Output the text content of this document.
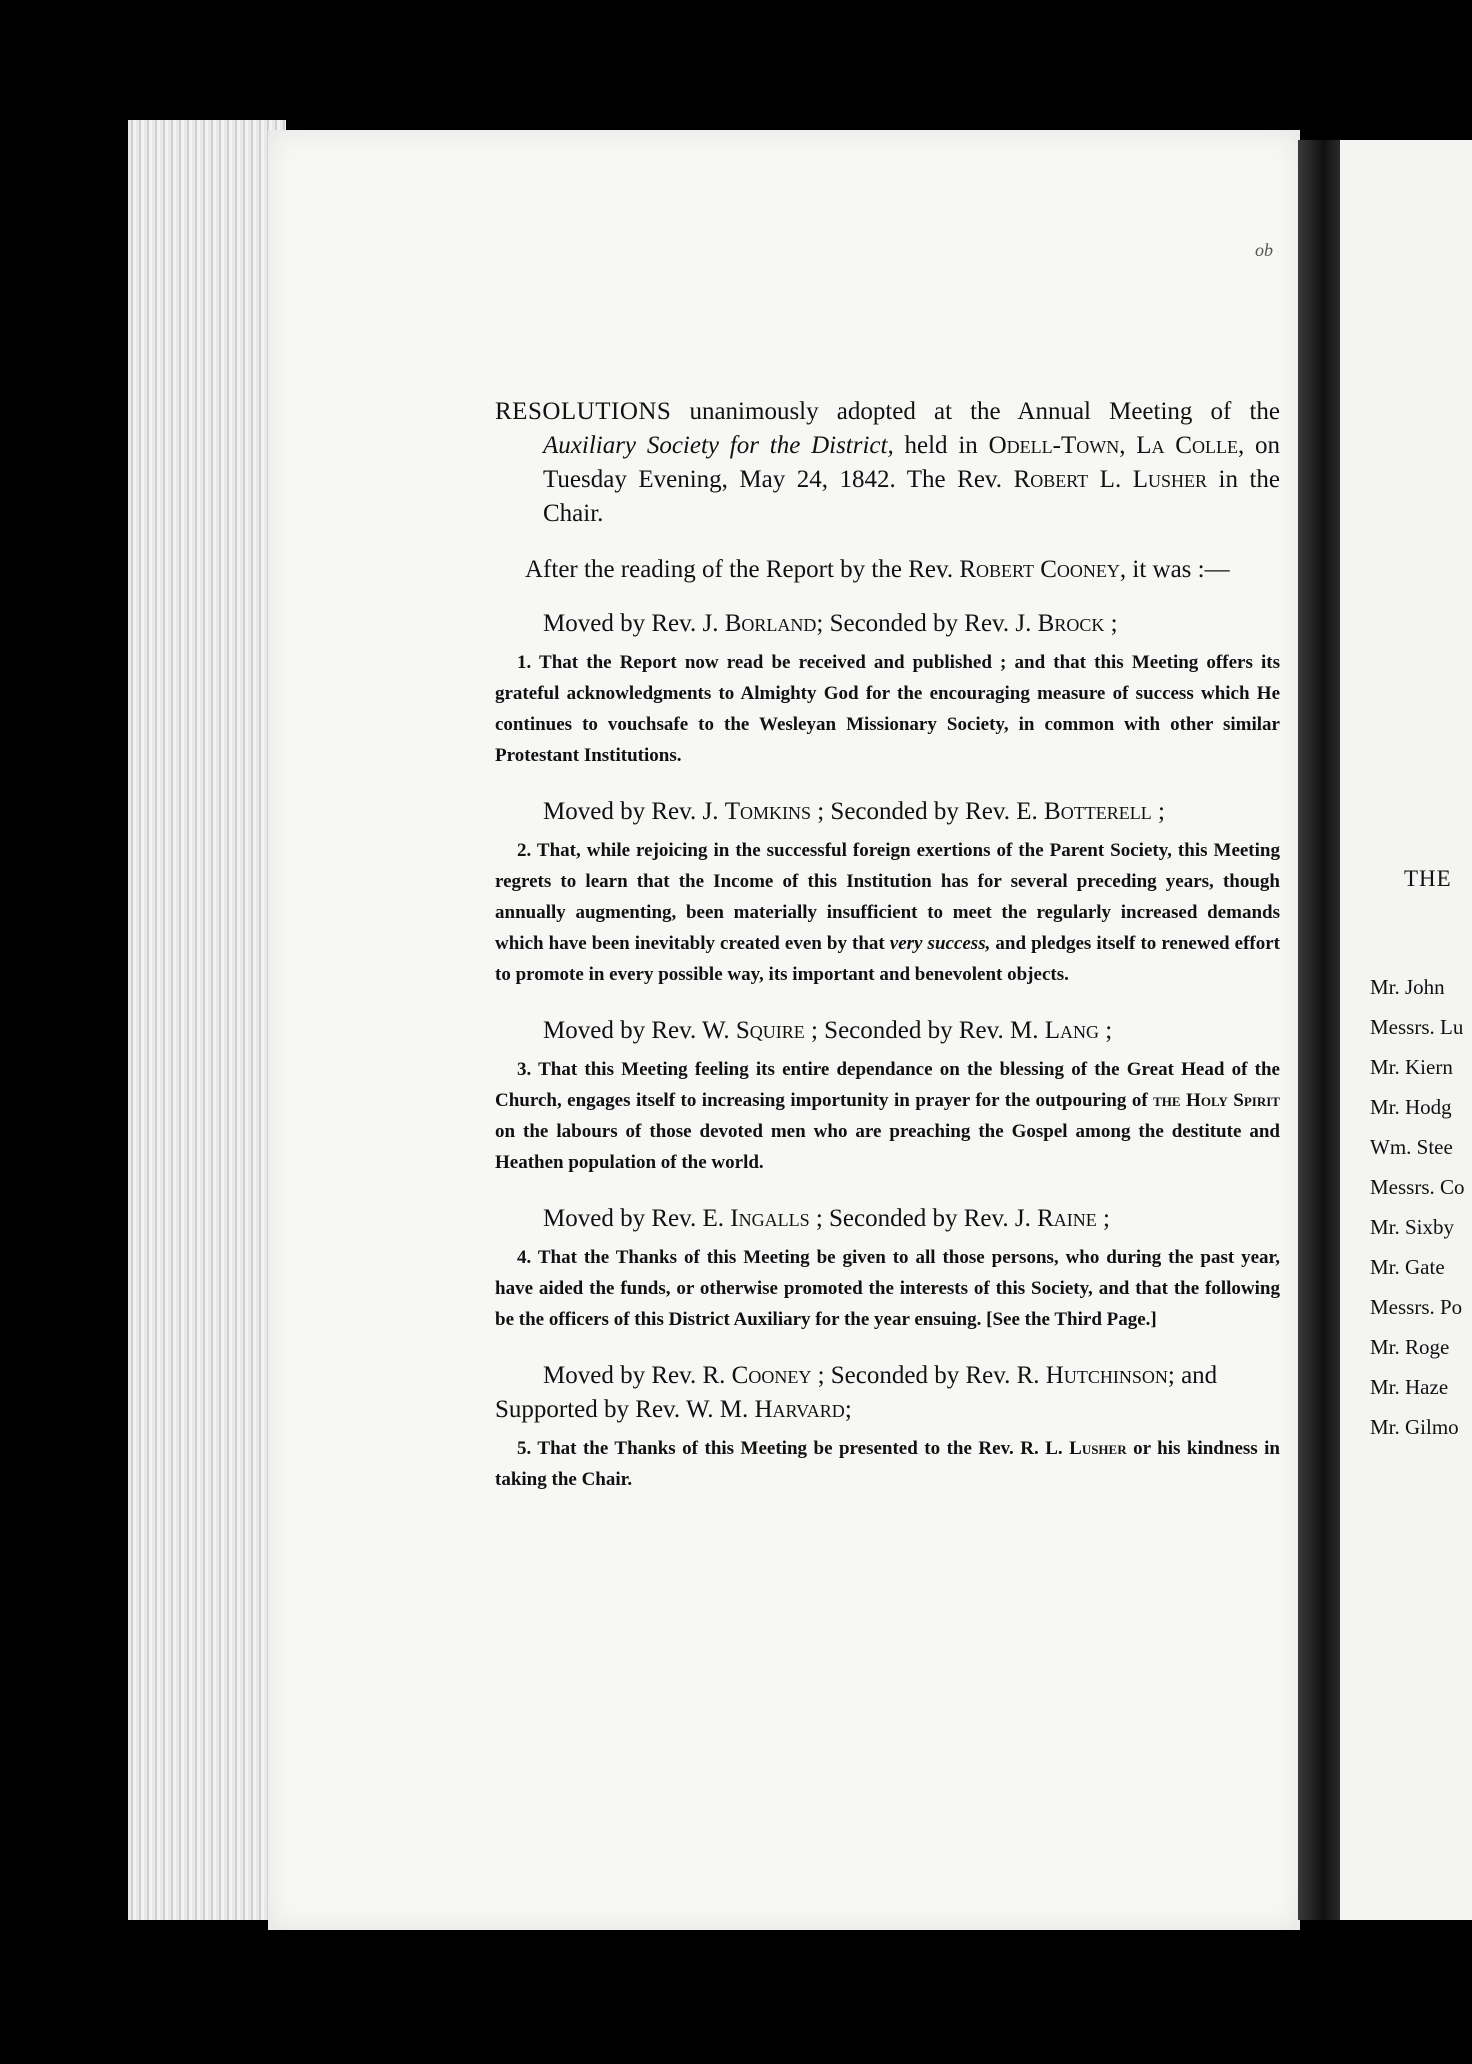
ob

RESOLUTIONS unanimously adopted at the Annual Meeting of the Auxiliary Society for the District, held in Odell-Town, La Colle, on Tuesday Evening, May 24, 1842. The Rev. Robert L. Lusher in the Chair.

After the reading of the Report by the Rev. Robert Cooney, it was :—

Moved by Rev. J. Borland; Seconded by Rev. J. Brock ;

1. That the Report now read be received and published ; and that this Meeting offers its grateful acknowledgments to Almighty God for the encouraging measure of success which He continues to vouchsafe to the Wesleyan Missionary Society, in common with other similar Protestant Institutions.

Moved by Rev. J. Tomkins ; Seconded by Rev. E. Botterell ;

2. That, while rejoicing in the successful foreign exertions of the Parent Society, this Meeting regrets to learn that the Income of this Institution has for several preceding years, though annually augmenting, been materially insufficient to meet the regularly increased demands which have been inevitably created even by that very success, and pledges itself to renewed effort to promote in every possible way, its important and benevolent objects.

Moved by Rev. W. Squire ; Seconded by Rev. M. Lang ;

3. That this Meeting feeling its entire dependance on the blessing of the Great Head of the Church, engages itself to increasing importunity in prayer for the outpouring of the Holy Spirit on the labours of those devoted men who are preaching the Gospel among the destitute and Heathen population of the world.

Moved by Rev. E. Ingalls ; Seconded by Rev. J. Raine ;

4. That the Thanks of this Meeting be given to all those persons, who during the past year, have aided the funds, or otherwise promoted the interests of this Society, and that the following be the officers of this District Auxiliary for the year ensuing. [See the Third Page.]

Moved by Rev. R. Cooney ; Seconded by Rev. R. Hutchinson; and Supported by Rev. W. M. Harvard;

5. That the Thanks of this Meeting be presented to the Rev. R. L. Lusher or his kindness in taking the Chair.

THE
Mr. John
Messrs. Lu
Mr. Kiern
Mr. Hodg
Wm. Stee
Messrs. Co
Mr. Sixby
Mr. Gate
Messrs. Po
Mr. Roge
Mr. Haze
Mr. Gilmo
